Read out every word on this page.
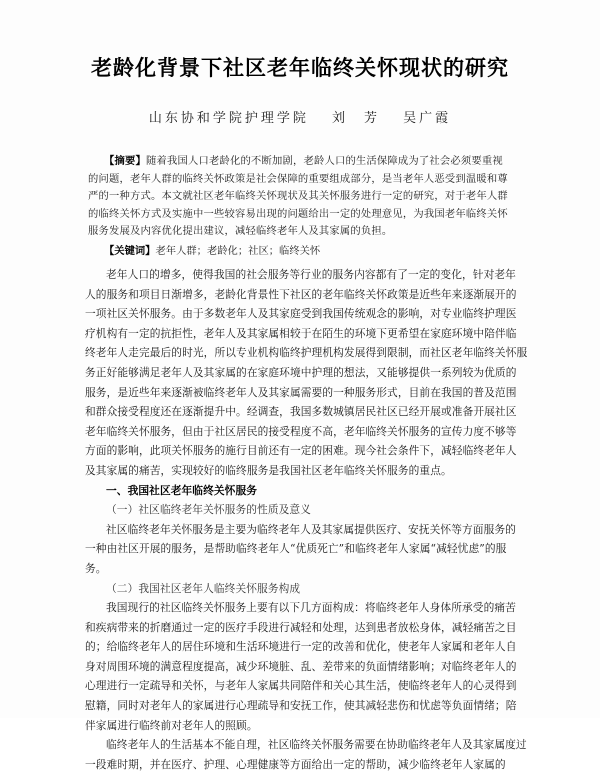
老龄化背景下社区老年临终关怀现状的研究
山东协和学院护理学院 刘　芳 吴广霞
【摘要】随着我国人口老龄化的不断加剧，老龄人口的生活保障成为了社会必须要重视
的问题，老年人群的临终关怀政策是社会保障的重要组成部分，是当老年人恶受到温暖和尊
严的一种方式。本文就社区老年临终关怀现状及其关怀服务进行一定的研究，对于老年人群
的临终关怀方式及实施中一些较容易出现的问题给出一定的处理意见，为我国老年临终关怀
服务发展及内容优化提出建议，减轻临终老年人及其家属的负担。
【关键词】老年人群；老龄化；社区；临终关怀
老年人口的增多，使得我国的社会服务等行业的服务内容都有了一定的变化，针对老年
人的服务和项目日渐增多，老龄化背景性下社区的老年临终关怀政策是近些年来逐渐展开的
一项社区关怀服务。由于多数老年人及其家庭受到我国传统观念的影响，对专业临终护理医
疗机构有一定的抗拒性，老年人及其家属相较于在陌生的环境下更希望在家庭环境中陪伴临
终老年人走完最后的时光，所以专业机构临终护理机构发展得到限制，而社区老年临终关怀服
务正好能够满足老年人及其家属的在家庭环境中护理的想法，又能够提供一系列较为优质的
服务，是近些年来逐渐被临终老年人及其家属需要的一种服务形式，目前在我国的普及范围
和群众接受程度还在逐渐提升中。经调查，我国多数城镇居民社区已经开展或准备开展社区
老年临终关怀服务，但由于社区居民的接受程度不高，老年临终关怀服务的宣传力度不够等
方面的影响，此项关怀服务的施行目前还有一定的困难。现今社会条件下，减轻临终老年人
及其家属的痛苦，实现较好的临终服务是我国社区老年临终关怀服务的重点。
一、我国社区老年临终关怀服务
（一）社区临终老年关怀服务的性质及意义
社区临终老年关怀服务是主要为临终老年人及其家属提供医疗、安抚关怀等方面服务的
一种由社区开展的服务，是帮助临终老年人“优质死亡”和临终老年人家属“减轻忧虑”的服
务。
（二）我国社区老年人临终关怀服务构成
我国现行的社区临终关怀服务上要有以下几方面构成：将临终老年人身体所承受的痛苦
和疾病带来的折磨通过一定的医疗手段进行减轻和处理，达到患者放松身体，减轻痛苦之目
的；给临终老年人的居住环境和生活环境进行一定的改善和优化，使老年人家属和老年人自
身对周围环境的满意程度提高，减少环境脏、乱、差带来的负面情绪影响；对临终老年人的
心理进行一定疏导和关怀，与老年人家属共同陪伴和关心其生活，使临终老年人的心灵得到
慰籍，同时对老年人的家属进行心理疏导和安抚工作，使其减轻悲伤和忧虑等负面情绪；陪
伴家属进行临终前对老年人的照顾。
临终老年人的生活基本不能自理，社区临终关怀服务需要在协助临终老年人及其家属度过
一段难时期，并在医疗、护理、心理健康等方面给出一定的帮助，减少临终老年人家属的
